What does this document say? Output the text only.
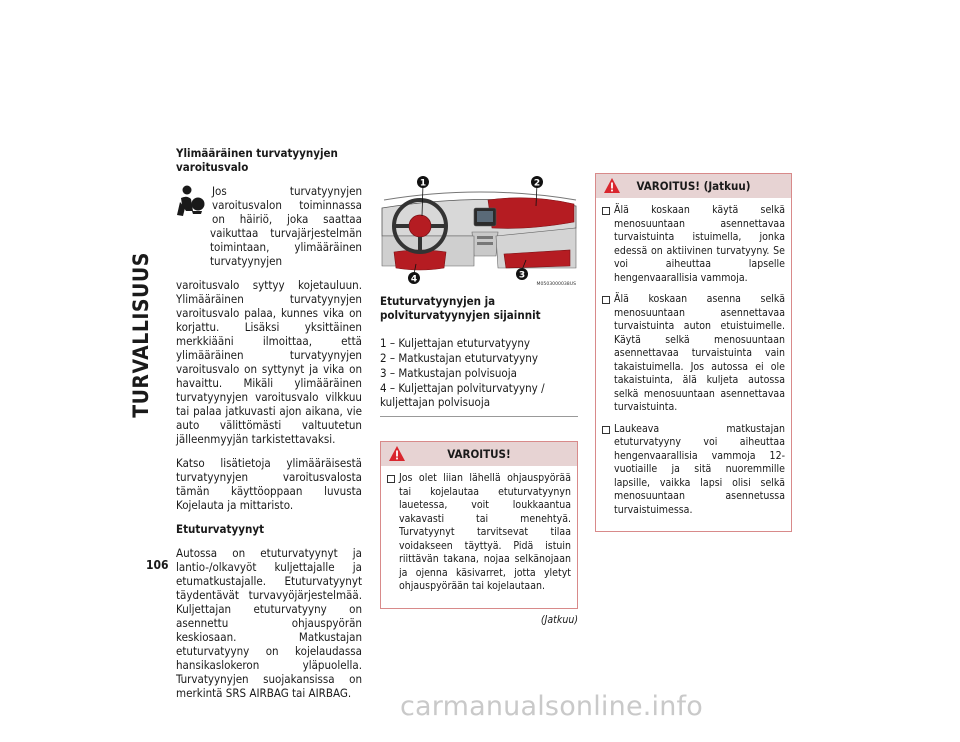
TURVALLISUUS
106
Ylimääräinen turvatyynyjen varoitusvalo

Jos turvatyynyjen varoitusvalon toiminnassa on häiriö, joka saattaa vaikuttaa turvajärjestelmän toimintaan, ylimääräinen turvatyynyjen

varoitusvalo syttyy kojetauluun. Ylimääräinen turvatyynyjen varoitusvalo palaa, kunnes vika on korjattu. Lisäksi yksittäinen merkkiääni ilmoittaa, että ylimääräinen turvatyynyjen varoitusvalo on syttynyt ja vika on havaittu. Mikäli ylimääräinen turvatyynyjen varoitusvalo vilkkuu tai palaa jatkuvasti ajon aikana, vie auto välittömästi valtuutetun jälleenmyyjän tarkistettavaksi.

Katso lisätietoja ylimääräisestä turvatyynyjen varoitusvalosta tämän käyttöoppaan luvusta Kojelauta ja mittaristo.

Etuturvatyynyt

Autossa on etuturvatyynyt ja lantio-/olkavyöt kuljettajalle ja etumatkustajalle. Etuturvatyynyt täydentävät turvavyöjärjestelmää. Kuljettajan etuturvatyyny on asennettu ohjauspyörän keskiosaan. Matkustajan etuturvatyyny on kojelaudassa hansikaslokeron yläpuolella. Turvatyynyjen suojakansissa on merkintä SRS AIRBAG tai AIRBAG.

1	2
3
4	M0503000038US
Etuturvatyynyjen ja polviturvatyynyjen sijainnit
1 – Kuljettajan etuturvatyyny
2 – Matkustajan etuturvatyyny
3 – Matkustajan polvisuoja
4 – Kuljettajan polviturvatyyny / kuljettajan polvisuoja
VAROITUS!
Jos olet liian lähellä ohjauspyörää tai kojelautaa etuturvatyynyn lauetessa, voit loukkaantua vakavasti tai menehtyä. Turvatyynyt tarvitsevat tilaa voidakseen täyttyä. Pidä istuin riittävän takana, nojaa selkänojaan ja ojenna käsivarret, jotta yletyt ohjauspyörään tai kojelautaan.
(Jatkuu)
VAROITUS! (Jatkuu)
Älä koskaan käytä selkä menosuuntaan asennettavaa turvaistuinta istuimella, jonka edessä on aktiivinen turvatyyny. Se voi aiheuttaa lapselle hengenvaarallisia vammoja.
Älä koskaan asenna selkä menosuuntaan asennettavaa turvaistuinta auton etuistuimelle. Käytä selkä menosuuntaan asennettavaa turvaistuinta vain takaistuimella. Jos autossa ei ole takaistuinta, älä kuljeta autossa selkä menosuuntaan asennettavaa turvaistuinta.
Laukeava matkustajan etuturvatyyny voi aiheuttaa hengenvaarallisia vammoja 12-vuotiaille ja sitä nuoremmille lapsille, vaikka lapsi olisi selkä menosuuntaan asennetussa turvaistuimessa.
carmanualsonline.info
